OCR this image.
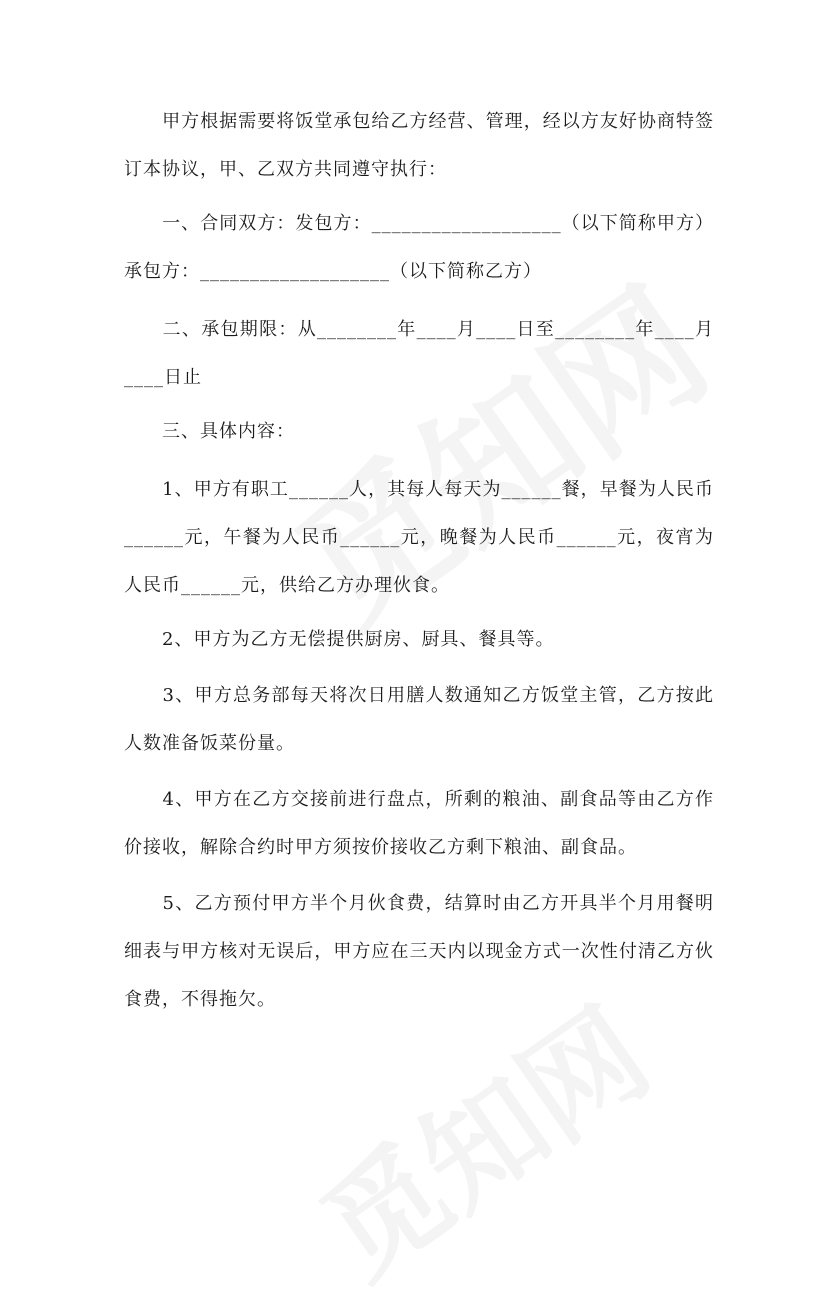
　　甲方根据需要将饭堂承包给乙方经营、管理，经以方友好协商特签订本协议，甲、乙双方共同遵守执行：

　　一、合同双方：发包方：___________________（以下简称甲方）承包方：___________________（以下简称乙方）

　　二、承包期限：从________年____月____日至________年____月____日止

　　三、具体内容：

　　1、甲方有职工______人，其每人每天为______餐，早餐为人民币______元，午餐为人民币______元，晚餐为人民币______元，夜宵为人民币______元，供给乙方办理伙食。

　　2、甲方为乙方无偿提供厨房、厨具、餐具等。

　　3、甲方总务部每天将次日用膳人数通知乙方饭堂主管，乙方按此人数准备饭菜份量。

　　4、甲方在乙方交接前进行盘点，所剩的粮油、副食品等由乙方作价接收，解除合约时甲方须按价接收乙方剩下粮油、副食品。

　　5、乙方预付甲方半个月伙食费，结算时由乙方开具半个月用餐明细表与甲方核对无误后，甲方应在三天内以现金方式一次性付清乙方伙食费，不得拖欠。
